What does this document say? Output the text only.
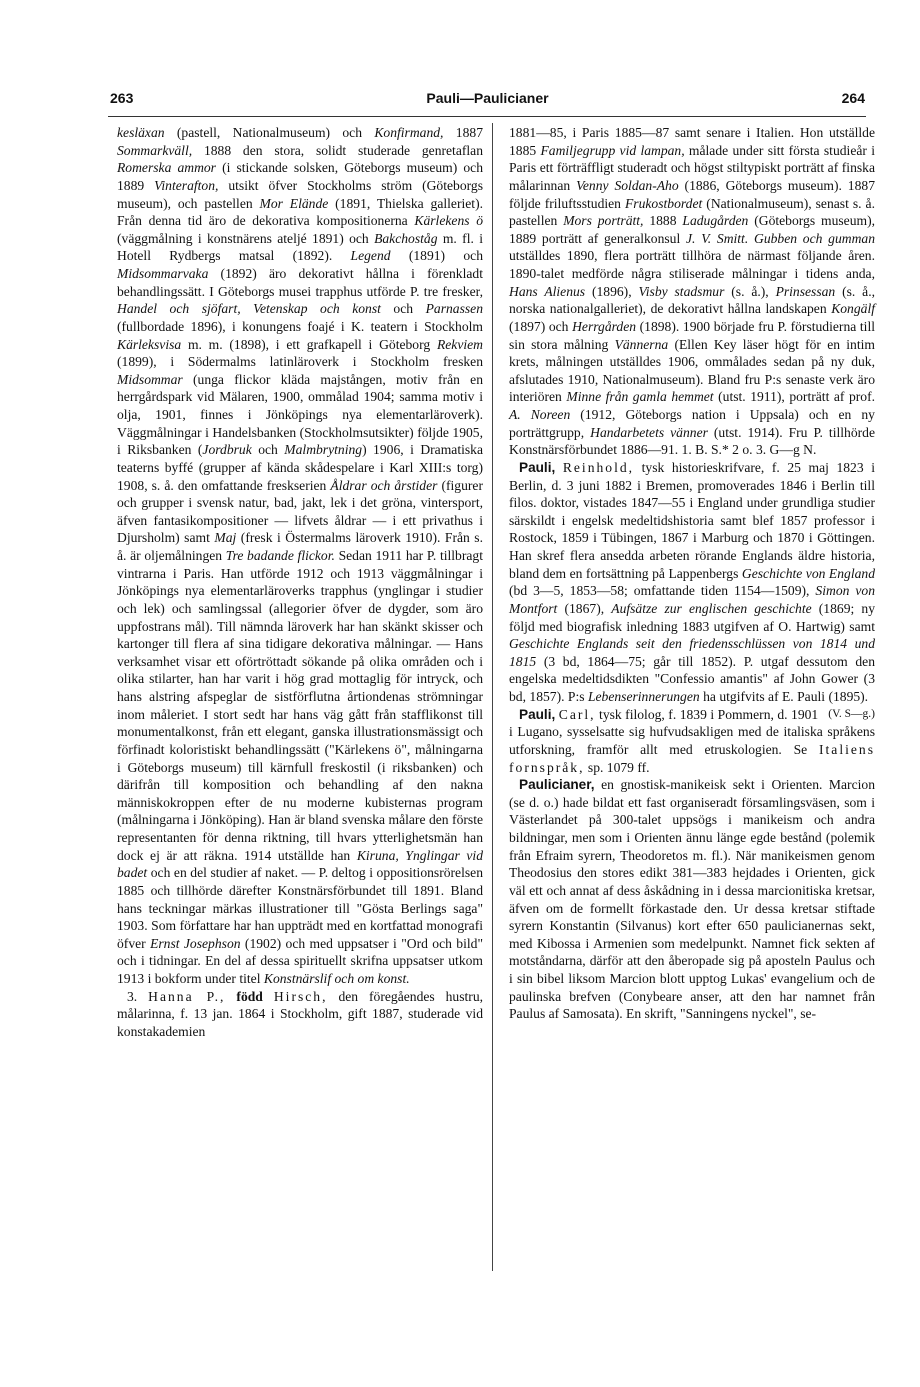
263	Pauli—Paulicianer	264

kesläxan (pastell, Nationalmuseum) och Konfirmand, 1887 Sommarkväll, 1888 den stora, solidt studerade genretaflan Romerska ammor (i stickande solsken, Göteborgs museum) och 1889 Vinterafton, utsikt öfver Stockholms ström (Göteborgs museum), och pastellen Mor Elände (1891, Thielska galleriet). Från denna tid äro de dekorativa kompositionerna Kärlekens ö (väggmålning i konstnärens ateljé 1891) och Bakchoståg m. fl. i Hotell Rydbergs matsal (1892). Legend (1891) och Midsommarvaka (1892) äro dekorativt hållna i förenkladt behandlingssätt. I Göteborgs musei trapphus utförde P. tre fresker, Handel och sjöfart, Vetenskap och konst och Parnassen (fullbordade 1896), i konungens foajé i K. teatern i Stockholm Kärleksvisa m. m. (1898), i ett grafkapell i Göteborg Rekviem (1899), i Södermalms latinläroverk i Stockholm fresken Midsommar (unga flickor kläda majstången, motiv från en herrgårdspark vid Mälaren, 1900, ommålad 1904; samma motiv i olja, 1901, finnes i Jönköpings nya elementarläroverk). Väggmålningar i Handelsbanken (Stockholmsutsikter) följde 1905, i Riksbanken (Jordbruk och Malmbrytning) 1906, i Dramatiska teaterns byffé (grupper af kända skådespelare i Karl XIII:s torg) 1908, s. å. den omfattande freskserien Åldrar och årstider (figurer och grupper i svensk natur, bad, jakt, lek i det gröna, vintersport, äfven fantasikompositioner — lifvets åldrar — i ett privathus i Djursholm) samt Maj (fresk i Östermalms läroverk 1910). Från s. å. är oljemålningen Tre badande flickor. Sedan 1911 har P. tillbragt vintrarna i Paris. Han utförde 1912 och 1913 väggmålningar i Jönköpings nya elementarläroverks trapphus (ynglingar i studier och lek) och samlingssal (allegorier öfver de dygder, som äro uppfostrans mål). Till nämnda läroverk har han skänkt skisser och kartonger till flera af sina tidigare dekorativa målningar. — Hans verksamhet visar ett oförtröttadt sökande på olika områden och i olika stilarter, han har varit i hög grad mottaglig för intryck, och hans alstring afspeglar de sistförflutna årtiondenas strömningar inom måleriet. I stort sedt har hans väg gått från stafflikonst till monumentalkonst, från ett elegant, ganska illustrationsmässigt och förfinadt koloristiskt behandlingssätt ("Kärlekens ö", målningarna i Göteborgs museum) till kärnfull freskostil (i riksbanken) och därifrån till komposition och behandling af den nakna människokroppen efter de nu moderne kubisternas program (målningarna i Jönköping). Han är bland svenska målare den förste representanten för denna riktning, till hvars ytterlighetsmän han dock ej är att räkna. 1914 utställde han Kiruna, Ynglingar vid badet och en del studier af naket. — P. deltog i oppositionsrörelsen 1885 och tillhörde därefter Konstnärsförbundet till 1891. Bland hans teckningar märkas illustrationer till "Gösta Berlings saga" 1903. Som författare har han uppträdt med en kortfattad monografi öfver Ernst Josephson (1902) och med uppsatser i "Ord och bild" och i tidningar. En del af dessa spirituellt skrifna uppsatser utkom 1913 i bokform under titel Konstnärslif och om konst.

3. Hanna P., född Hirsch, den föregåendes hustru, målarinna, f. 13 jan. 1864 i Stockholm, gift 1887, studerade vid konstakademien

1881—85, i Paris 1885—87 samt senare i Italien. Hon utställde 1885 Familjegrupp vid lampan, målade under sitt första studieår i Paris ett förträffligt studeradt och högst stiltypiskt porträtt af finska målarinnan Venny Soldan-Aho (1886, Göteborgs museum). 1887 följde friluftsstudien Frukostbordet (Nationalmuseum), senast s. å. pastellen Mors porträtt, 1888 Ladugården (Göteborgs museum), 1889 porträtt af generalkonsul J. V. Smitt. Gubben och gumman utställdes 1890, flera porträtt tillhöra de närmast följande åren. 1890-talet medförde några stiliserade målningar i tidens anda, Hans Alienus (1896), Visby stadsmur (s. å.), Prinsessan (s. å., norska nationalgalleriet), de dekorativt hållna landskapen Kongälf (1897) och Herrgården (1898). 1900 började fru P. förstudierna till sin stora målning Vännerna (Ellen Key läser högt för en intim krets, målningen utställdes 1906, ommålades sedan på ny duk, afslutades 1910, Nationalmuseum). Bland fru P:s senaste verk äro interiören Minne från gamla hemmet (utst. 1911), porträtt af prof. A. Noreen (1912, Göteborgs nation i Uppsala) och en ny porträttgrupp, Handarbetets vänner (utst. 1914). Fru P. tillhörde Konstnärsförbundet 1886—91. 1. B. S.* 2 o. 3. G—g N.

Pauli, Reinhold, tysk historieskrifvare, f. 25 maj 1823 i Berlin, d. 3 juni 1882 i Bremen, promoverades 1846 i Berlin till filos. doktor, vistades 1847—55 i England under grundliga studier särskildt i engelsk medeltidshistoria samt blef 1857 professor i Rostock, 1859 i Tübingen, 1867 i Marburg och 1870 i Göttingen. Han skref flera ansedda arbeten rörande Englands äldre historia, bland dem en fortsättning på Lappenbergs Geschichte von England (bd 3—5, 1853—58; omfattande tiden 1154—1509), Simon von Montfort (1867), Aufsätze zur englischen geschichte (1869; ny följd med biografisk inledning 1883 utgifven af O. Hartwig) samt Geschichte Englands seit den friedensschlüssen von 1814 und 1815 (3 bd, 1864—75; går till 1852). P. utgaf dessutom den engelska medeltidsdikten "Confessio amantis" af John Gower (3 bd, 1857). P:s Lebenserinnerungen ha utgifvits af E. Pauli (1895).
(V. S—g.)

Pauli, Carl, tysk filolog, f. 1839 i Pommern, d. 1901 i Lugano, sysselsatte sig hufvudsakligen med de italiska språkens utforskning, framför allt med etruskologien. Se Italiens fornspråk, sp. 1079 ff.

Paulicianer, en gnostisk-manikeisk sekt i Orienten. Marcion (se d. o.) hade bildat ett fast organiseradt församlingsväsen, som i Västerlandet på 300-talet uppsögs i manikeism och andra bildningar, men som i Orienten ännu länge egde bestånd (polemik från Efraim syrern, Theodoretos m. fl.). När manikeismen genom Theodosius den stores edikt 381—383 hejdades i Orienten, gick väl ett och annat af dess åskådning in i dessa marcionitiska kretsar, äfven om de formellt förkastade den. Ur dessa kretsar stiftade syrern Konstantin (Silvanus) kort efter 650 paulicianernas sekt, med Kibossa i Armenien som medelpunkt. Namnet fick sekten af motståndarna, därför att den åberopade sig på aposteln Paulus och i sin bibel liksom Marcion blott upptog Lukas' evangelium och de paulinska brefven (Conybeare anser, att den har namnet från Paulus af Samosata). En skrift, "Sanningens nyckel", se-
